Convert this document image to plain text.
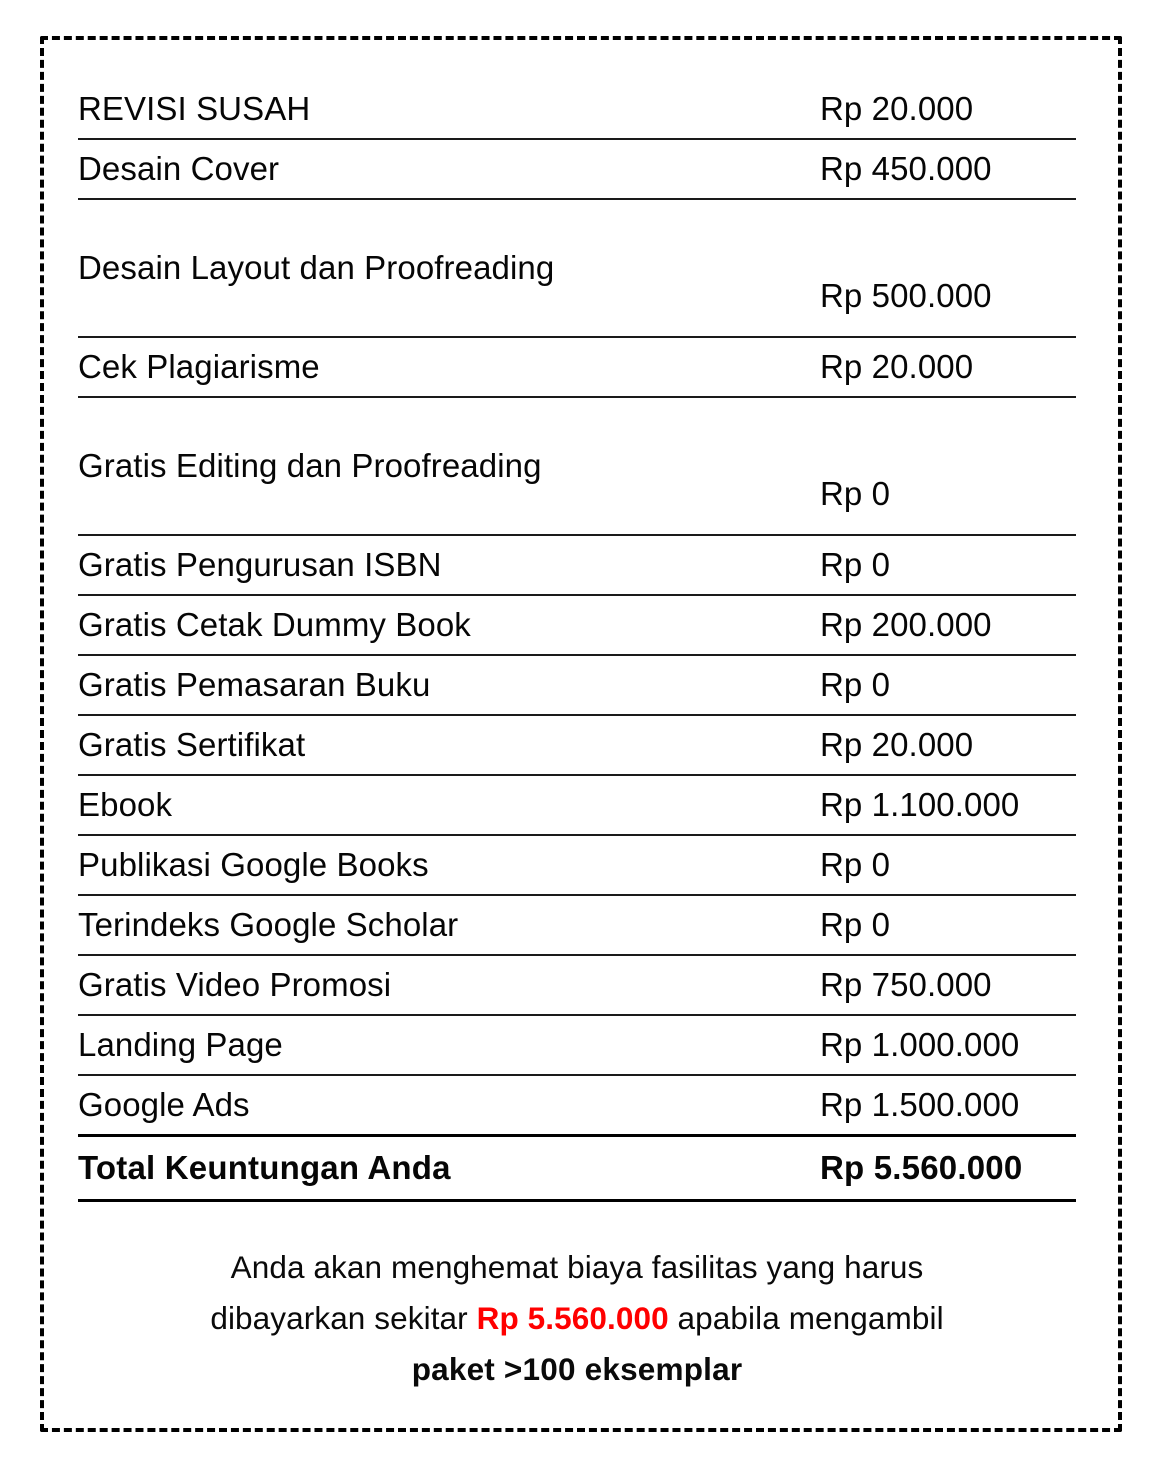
REVISI SUSAH	Rp 20.000
Desain Cover	Rp 450.000
Desain Layout dan Proofreading	Rp 500.000
Cek Plagiarisme	Rp 20.000
Gratis Editing dan Proofreading	Rp 0
Gratis Pengurusan ISBN	Rp 0
Gratis Cetak Dummy Book	Rp 200.000
Gratis Pemasaran Buku	Rp 0
Gratis Sertifikat	Rp 20.000
Ebook	Rp 1.100.000
Publikasi Google Books	Rp 0
Terindeks Google Scholar	Rp 0
Gratis Video Promosi	Rp 750.000
Landing Page	Rp 1.000.000
Google Ads	Rp 1.500.000
Total Keuntungan Anda	Rp 5.560.000
Anda akan menghemat biaya fasilitas yang harus
dibayarkan sekitar Rp 5.560.000 apabila mengambil
paket >100 eksemplar
